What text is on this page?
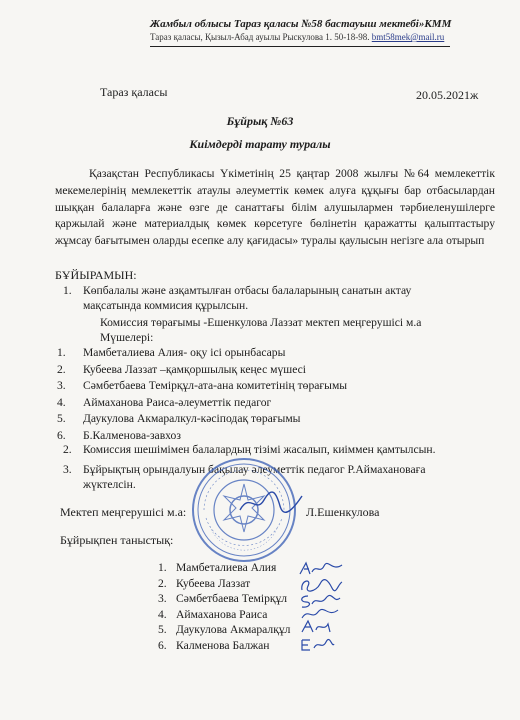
Жамбыл облысы Тараз қаласы №58 бастауыш мектебі»КММ
Тараз қаласы, Қызыл-Абад ауылы Рыскулова 1. 50-18-98. bmt58mek@mail.ru
Тараз қаласы	20.05.2021ж
Бұйрық №63
Киімдерді тарату туралы
Қазақстан Республикасы Үкіметінің 25 қаңтар 2008 жылғы №64 мемлекеттік мекемелерінің мемлекеттік атаулы әлеуметтік көмек алуға құқығы бар отбасылардан шыққан балаларға және өзге де санаттағы білім алушылармен тәрбиеленушілерге қаржылай және материалдық көмек көрсетуге бөлінетін қаражатты қалыптастыру жұмсау бағытымен оларды есепке алу қағидасы» туралы қаулысын негізге ала отырып
БҰЙЫРАМЫН:
1. Көпбалалы және азқамтылған отбасы балаларының санатын актау
мақсатында коммисия құрылсын.
Комиссия төрағымы -Ешенкулова Лаззат мектеп меңгерушісі м.а
Мүшелері:
1. Мамбеталиева Алия- оқу ісі орынбасары
2. Кубеева Лаззат –қамқоршылық кеңес мүшесі
3. Сәмбетбаева Темірқұл-ата-ана комитетінің төрағымы
4. Аймаханова Раиса-әлеуметтік педагог
5. Даукулова Акмаралкул-кәсіподақ төрағымы
6. Б.Калменова-завхоз
2. Комиссия шешімімен балалардың тізімі жасалып, киіммен қамтылсын.
3. Бұйрықтың орындалуын бақылау әлеуметтік педагог Р.Аймахановаға
жүктелсін.
Мектеп меңгерушісі м.а:	Л.Ешенкулова
Бұйрықпен таныстық:
1. Мамбеталиева Алия
2. Кубеева Лаззат
3. Сәмбетбаева Темірқұл
4. Аймаханова Раиса
5. Даукулова Акмаралқұл
6. Калменова Балжан
